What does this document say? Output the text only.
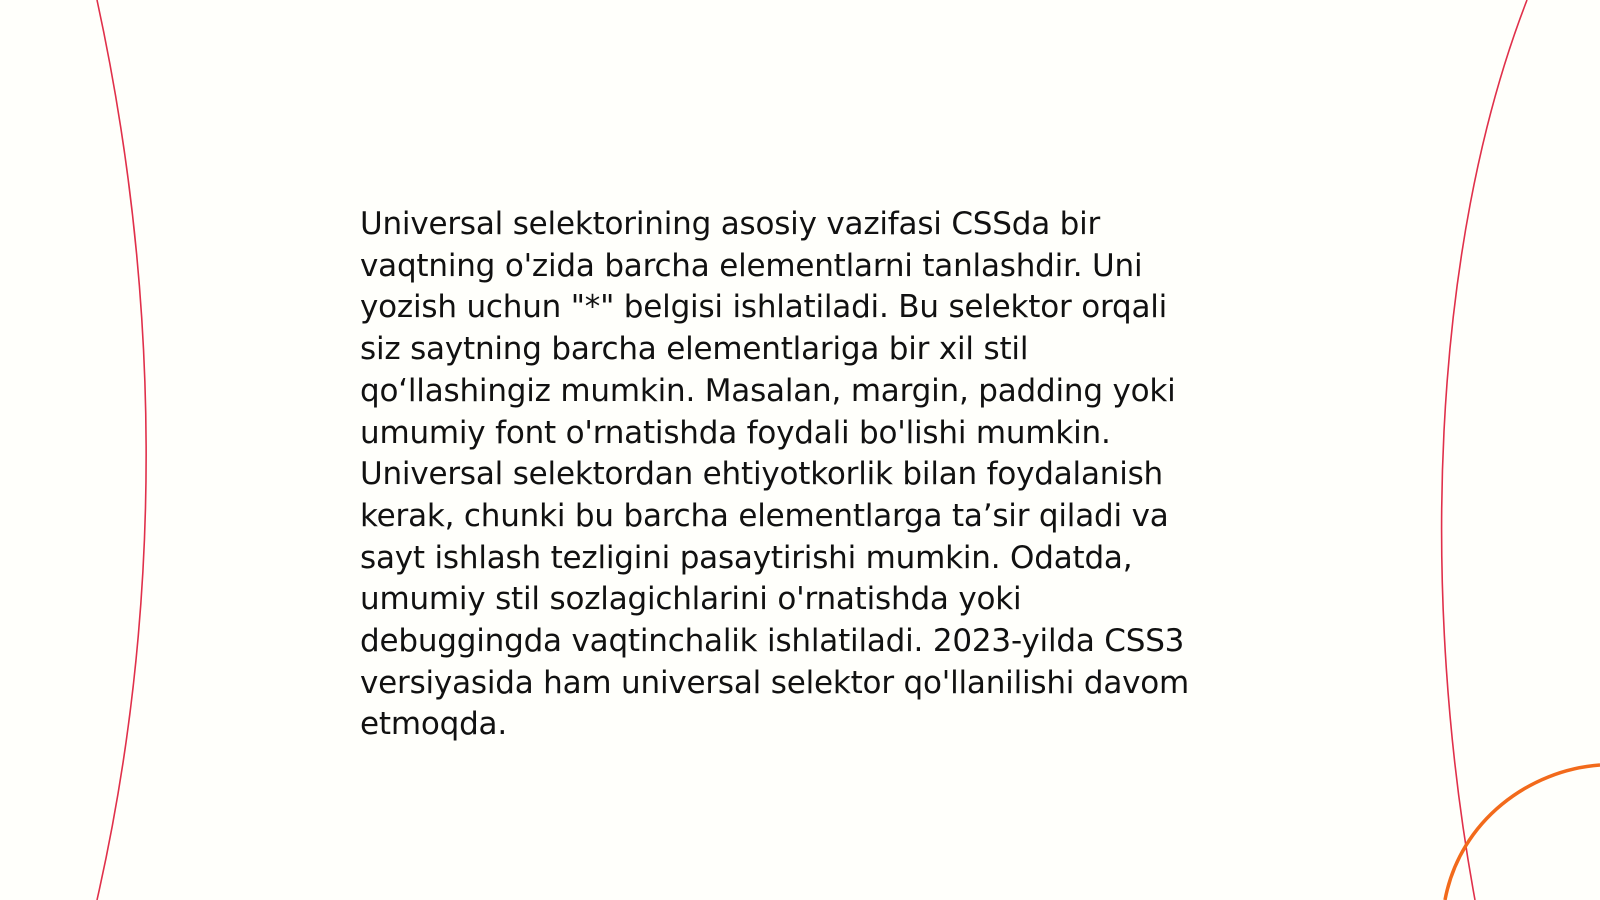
Universal selektorining asosiy vazifasi CSSda bir
vaqtning o'zida barcha elementlarni tanlashdir. Uni
yozish uchun "*" belgisi ishlatiladi. Bu selektor orqali
siz saytning barcha elementlariga bir xil stil
qo‘llashingiz mumkin. Masalan, margin, padding yoki
umumiy font o'rnatishda foydali bo'lishi mumkin.
Universal selektordan ehtiyotkorlik bilan foydalanish
kerak, chunki bu barcha elementlarga ta’sir qiladi va
sayt ishlash tezligini pasaytirishi mumkin. Odatda,
umumiy stil sozlagichlarini o'rnatishda yoki
debuggingda vaqtinchalik ishlatiladi. 2023-yilda CSS3
versiyasida ham universal selektor qo'llanilishi davom
etmoqda.
